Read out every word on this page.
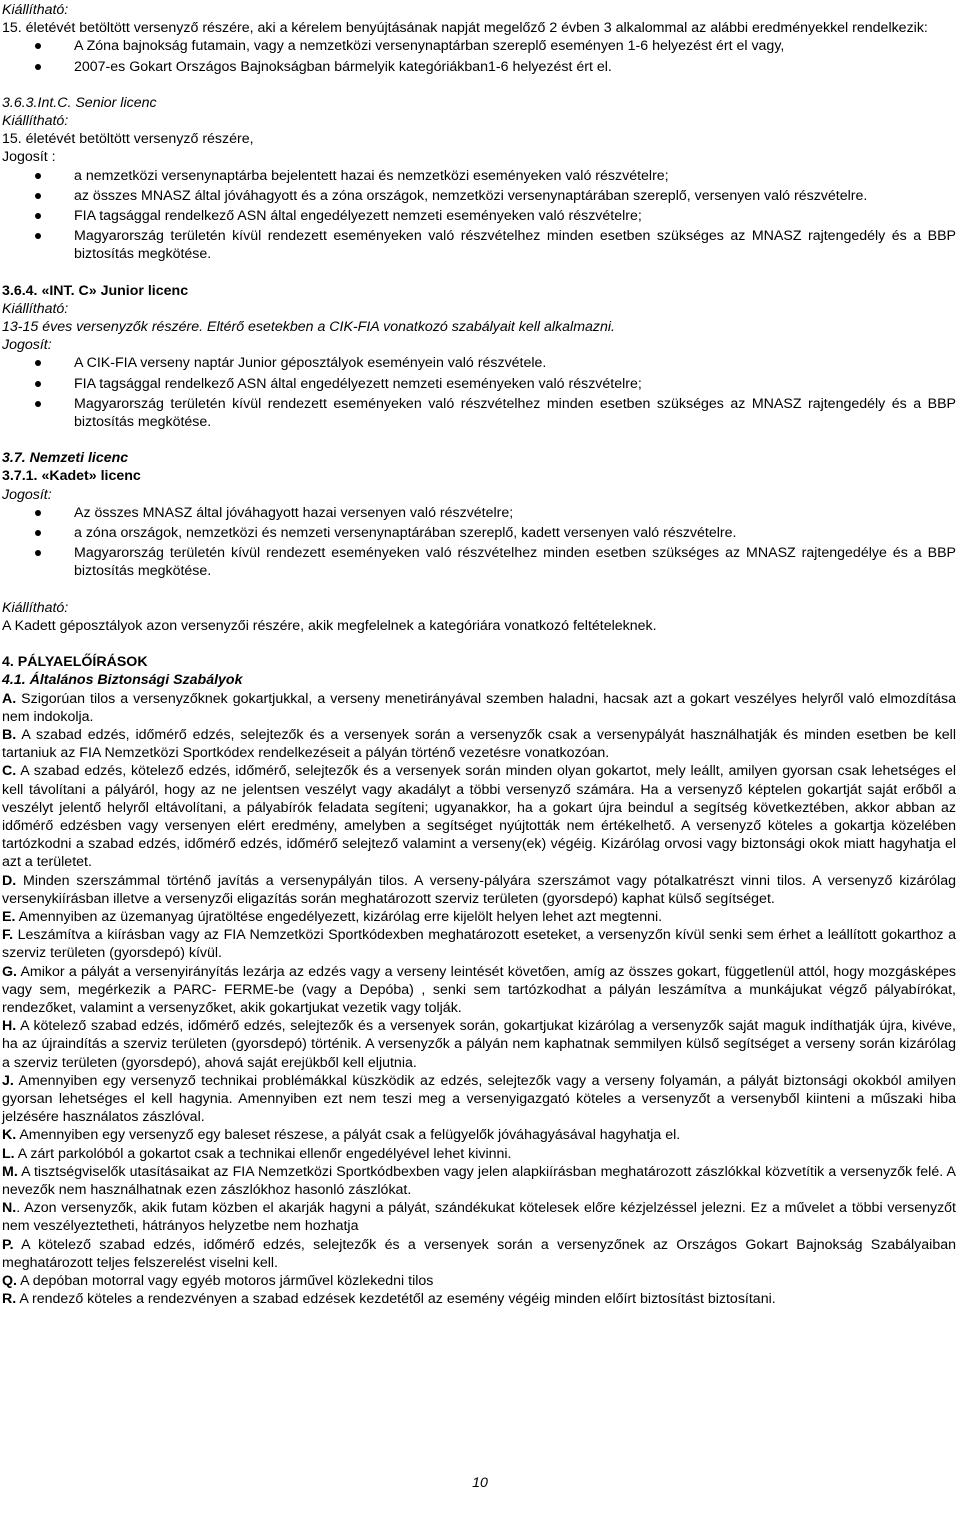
Kiállítható:

15. életévét betöltött versenyző részére, aki a kérelem benyújtásának napját megelőző 2 évben 3 alkalommal az alábbi eredményekkel rendelkezik:

A Zóna bajnokság futamain, vagy a nemzetközi versenynaptárban szereplő eseményen 1-6 helyezést ért el vagy,
2007-es Gokart Országos Bajnokságban bármelyik kategóriákban1-6 helyezést ért el.

3.6.3.Int.C. Senior licenc

Kiállítható:

15. életévét betöltött versenyző részére,

Jogosít :

a nemzetközi versenynaptárba bejelentett hazai és nemzetközi eseményeken való részvételre;
az összes MNASZ által jóváhagyott és a zóna országok, nemzetközi versenynaptárában szereplő, versenyen való részvételre.
FIA tagsággal rendelkező ASN által engedélyezett nemzeti eseményeken való részvételre;
Magyarország területén kívül rendezett eseményeken való részvételhez minden esetben szükséges az MNASZ rajtengedély és a BBP biztosítás megkötése.

3.6.4. «INT. C» Junior licenc

Kiállítható:

13-15 éves versenyzők részére. Eltérő esetekben a CIK-FIA vonatkozó szabályait kell alkalmazni.

Jogosít:

A CIK-FIA verseny naptár Junior géposztályok eseményein való részvétele.
FIA tagsággal rendelkező ASN által engedélyezett nemzeti eseményeken való részvételre;
Magyarország területén kívül rendezett eseményeken való részvételhez minden esetben szükséges az MNASZ rajtengedély és a BBP biztosítás megkötése.

3.7. Nemzeti licenc

3.7.1. «Kadet» licenc

Jogosít:

Az összes MNASZ által jóváhagyott hazai versenyen való részvételre;
a zóna országok, nemzetközi és nemzeti versenynaptárában szereplő, kadett versenyen való részvételre.
Magyarország területén kívül rendezett eseményeken való részvételhez minden esetben szükséges az MNASZ rajtengedélye és a BBP biztosítás megkötése.

Kiállítható:

A Kadett géposztályok azon versenyzői részére, akik megfelelnek a kategóriára vonatkozó feltételeknek.

4. PÁLYAELŐÍRÁSOK

4.1. Általános Biztonsági Szabályok

A. Szigorúan tilos a versenyzőknek gokartjukkal, a verseny menetirányával szemben haladni, hacsak azt a gokart veszélyes helyről való elmozdítása nem indokolja.

B. A szabad edzés, időmérő edzés, selejtezők és a versenyek során a versenyzők csak a versenypályát használhatják és minden esetben be kell tartaniuk az FIA Nemzetközi Sportkódex rendelkezéseit a pályán történő vezetésre vonatkozóan.

C. A szabad edzés, kötelező edzés, időmérő, selejtezők és a versenyek során minden olyan gokartot, mely leállt, amilyen gyorsan csak lehetséges el kell távolítani a pályáról, hogy az ne jelentsen veszélyt vagy akadályt a többi versenyző számára. Ha a versenyző képtelen gokartját saját erőből a veszélyt jelentő helyről eltávolítani, a pályabírók feladata segíteni; ugyanakkor, ha a gokart újra beindul a segítség következtében, akkor abban az időmérő edzésben vagy versenyen elért eredmény, amelyben a segítséget nyújtották nem értékelhető. A versenyző köteles a gokartja közelében tartózkodni a szabad edzés, időmérő edzés, időmérő selejtező valamint a verseny(ek) végéig. Kizárólag orvosi vagy biztonsági okok miatt hagyhatja el azt a területet.

D. Minden szerszámmal történő javítás a versenypályán tilos. A verseny-pályára szerszámot vagy pótalkatrészt vinni tilos. A versenyző kizárólag versenykiírásban illetve a versenyzői eligazítás során meghatározott szerviz területen (gyorsdepó) kaphat külső segítséget.

E. Amennyiben az üzemanyag újratöltése engedélyezett, kizárólag erre kijelölt helyen lehet azt megtenni.

F. Leszámítva a kiírásban vagy az FIA Nemzetközi Sportkódexben meghatározott eseteket, a versenyzőn kívül senki sem érhet a leállított gokarthoz a szerviz területen (gyorsdepó) kívül.

G. Amikor a pályát a versenyirányítás lezárja az edzés vagy a verseny leintését követően, amíg az összes gokart, függetlenül attól, hogy mozgásképes vagy sem, megérkezik a PARC- FERME-be (vagy a Depóba) , senki sem tartózkodhat a pályán leszámítva a munkájukat végző pályabírókat, rendezőket, valamint a versenyzőket, akik gokartjukat vezetik vagy tolják.

H. A kötelező szabad edzés, időmérő edzés, selejtezők és a versenyek során, gokartjukat kizárólag a versenyzők saját maguk indíthatják újra, kivéve, ha az újraindítás a szerviz területen (gyorsdepó) történik. A versenyzők a pályán nem kaphatnak semmilyen külső segítséget a verseny során kizárólag a szerviz területen (gyorsdepó), ahová saját erejükből kell eljutnia.

J. Amennyiben egy versenyző technikai problémákkal küszködik az edzés, selejtezők vagy a verseny folyamán, a pályát biztonsági okokból amilyen gyorsan lehetséges el kell hagynia. Amennyiben ezt nem teszi meg a versenyigazgató köteles a versenyzőt a versenyből kiinteni a műszaki hiba jelzésére használatos zászlóval.

K. Amennyiben egy versenyző egy baleset részese, a pályát csak a felügyelők jóváhagyásával hagyhatja el.

L. A zárt parkolóból a gokartot csak a technikai ellenőr engedélyével lehet kivinni.

M. A tisztségviselők utasításaikat az FIA Nemzetközi Sportkódbexben vagy jelen alapkiírásban meghatározott zászlókkal közvetítik a versenyzők felé. A nevezők nem használhatnak ezen zászlókhoz hasonló zászlókat.

N.. Azon versenyzők, akik futam közben el akarják hagyni a pályát, szándékukat kötelesek előre kézjelzéssel jelezni. Ez a művelet a többi versenyzőt nem veszélyeztetheti, hátrányos helyzetbe nem hozhatja

P. A kötelező szabad edzés, időmérő edzés, selejtezők és a versenyek során a versenyzőnek az Országos Gokart Bajnokság Szabályaiban meghatározott teljes felszerelést viselni kell.

Q. A depóban motorral vagy egyéb motoros járművel közlekedni tilos

R. A rendező köteles a rendezvényen a szabad edzések kezdetétől az esemény végéig minden előírt biztosítást biztosítani.

10
